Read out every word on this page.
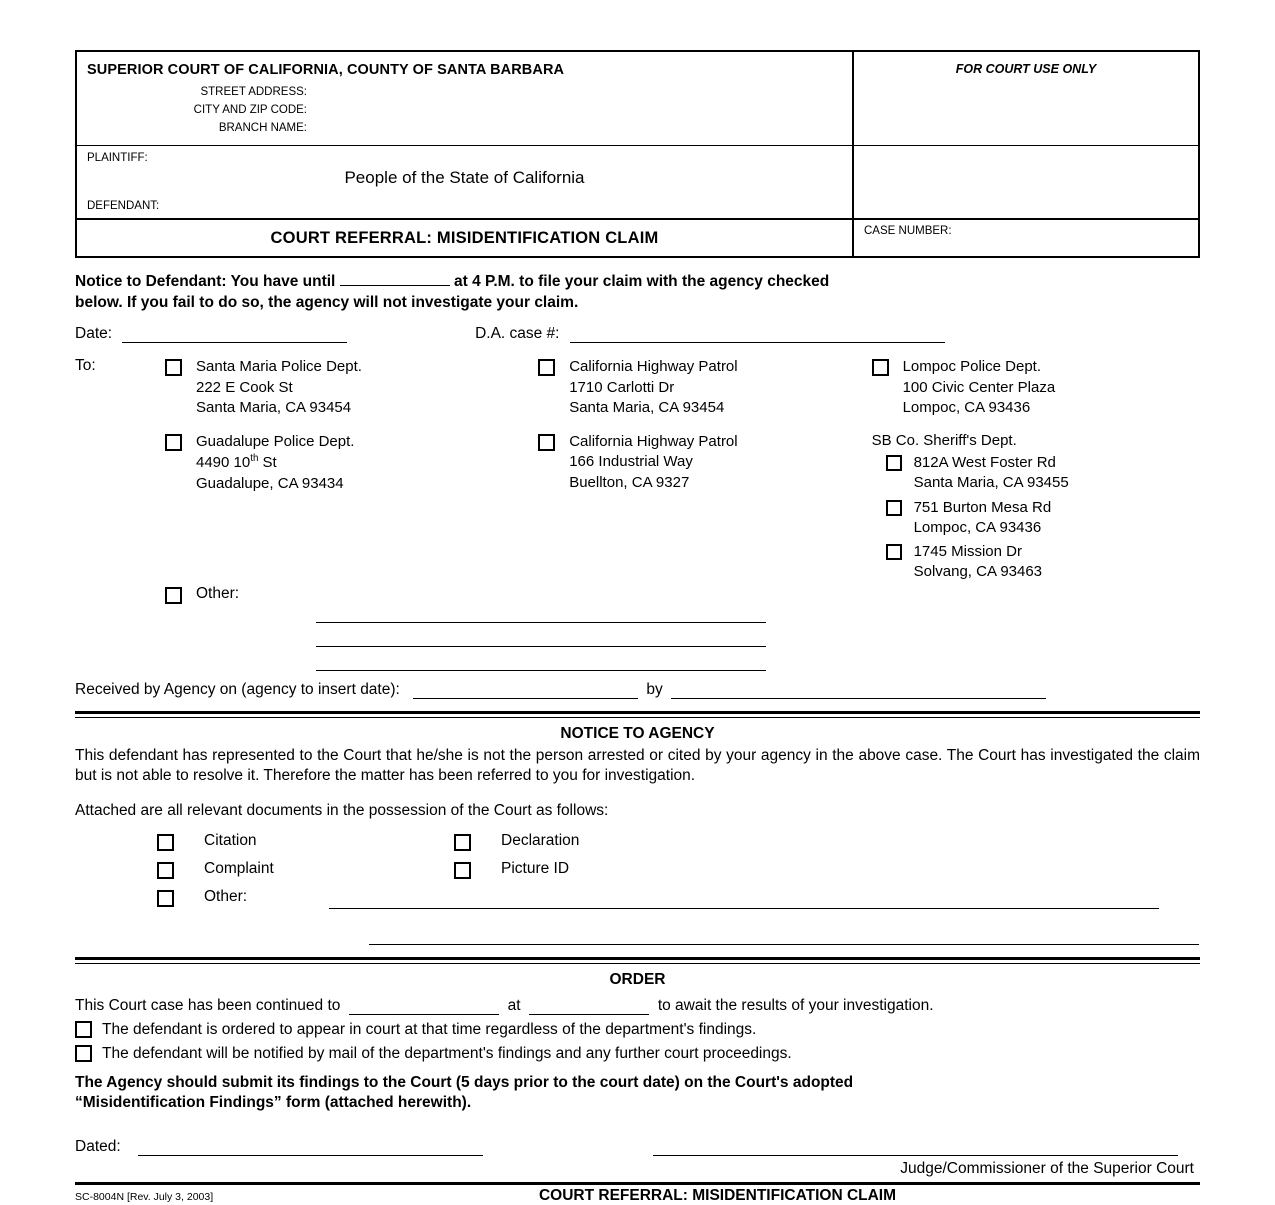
SUPERIOR COURT OF CALIFORNIA, COUNTY OF SANTA BARBARA
STREET ADDRESS:
CITY AND ZIP CODE:
BRANCH NAME:
FOR COURT USE ONLY
PLAINTIFF:
People of the State of California
DEFENDANT:
COURT REFERRAL: MISIDENTIFICATION CLAIM	CASE NUMBER:
Notice to Defendant: You have until	at 4 P.M. to file your claim with the agency checked
below. If you fail to do so, the agency will not investigate your claim.
Date:	D.A. case #:
To:	Santa Maria Police Dept.
222 E Cook St
Santa Maria, CA 93454
Guadalupe Police Dept.
4490 10th St
Guadalupe, CA 93434
California Highway Patrol
1710 Carlotti Dr
Santa Maria, CA 93454
California Highway Patrol
166 Industrial Way
Buellton, CA 9327
Lompoc Police Dept.
100 Civic Center Plaza
Lompoc, CA 93436
SB Co. Sheriff's Dept.
812A West Foster Rd
Santa Maria, CA 93455
751 Burton Mesa Rd
Lompoc, CA 93436
1745 Mission Dr
Solvang, CA 93463
Other:
Received by Agency on (agency to insert date):

	by

NOTICE TO AGENCY
This defendant has represented to the Court that he/she is not the person arrested or cited by your agency in the above case. The Court has investigated the claim but is not able to resolve it. Therefore the matter has been referred to you for investigation.
Attached are all relevant documents in the possession of the Court as follows:
Citation	Declaration
Complaint	Picture ID
Other:
ORDER
This Court case has been continued to

	at

	to await the results of your investigation.
The defendant is ordered to appear in court at that time regardless of the department's findings.
The defendant will be notified by mail of the department's findings and any further court proceedings.
The Agency should submit its findings to the Court (5 days prior to the court date) on the Court's adopted
“Misidentification Findings” form (attached herewith).
Dated:

Judge/Commissioner of the Superior Court
SC-8004N [Rev. July 3, 2003]	COURT REFERRAL: MISIDENTIFICATION CLAIM
